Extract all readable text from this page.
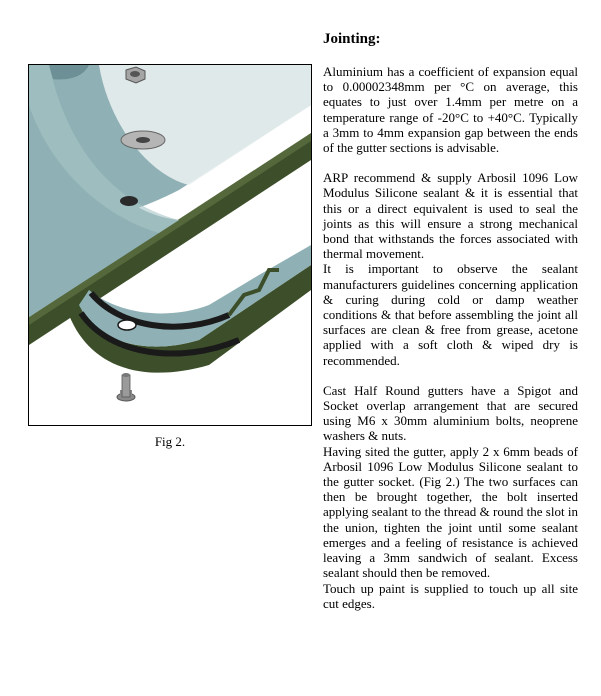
Fig 2.
Jointing:

Aluminium has a coefficient of expansion equal to 0.00002348mm per °C on average, this equates to just over 1.4mm per metre on a temperature range of -20°C to +40°C. Typically a 3mm to 4mm expansion gap between the ends of the gutter sections is advisable.

ARP recommend & supply Arbosil 1096 Low Modulus Silicone sealant & it is essential that this or a direct equivalent is used to seal the joints as this will ensure a strong mechanical bond that withstands the forces associated with thermal movement.

It is important to observe the sealant manufacturers guidelines concerning application & curing during cold or damp weather conditions & that before assembling the joint all surfaces are clean & free from grease, acetone applied with a soft cloth & wiped dry is recommended.

Cast Half Round gutters have a Spigot and Socket overlap arrangement that are secured using M6 x 30mm aluminium bolts, neoprene washers & nuts.

Having sited the gutter, apply 2 x 6mm beads of Arbosil 1096 Low Modulus Silicone sealant to the gutter socket. (Fig 2.) The two surfaces can then be brought together, the bolt inserted applying sealant to the thread & round the slot in the union, tighten the joint until some sealant emerges and a feeling of resistance is achieved leaving a 3mm sandwich of sealant. Excess sealant should then be removed.

Touch up paint is supplied to touch up all site cut edges.
